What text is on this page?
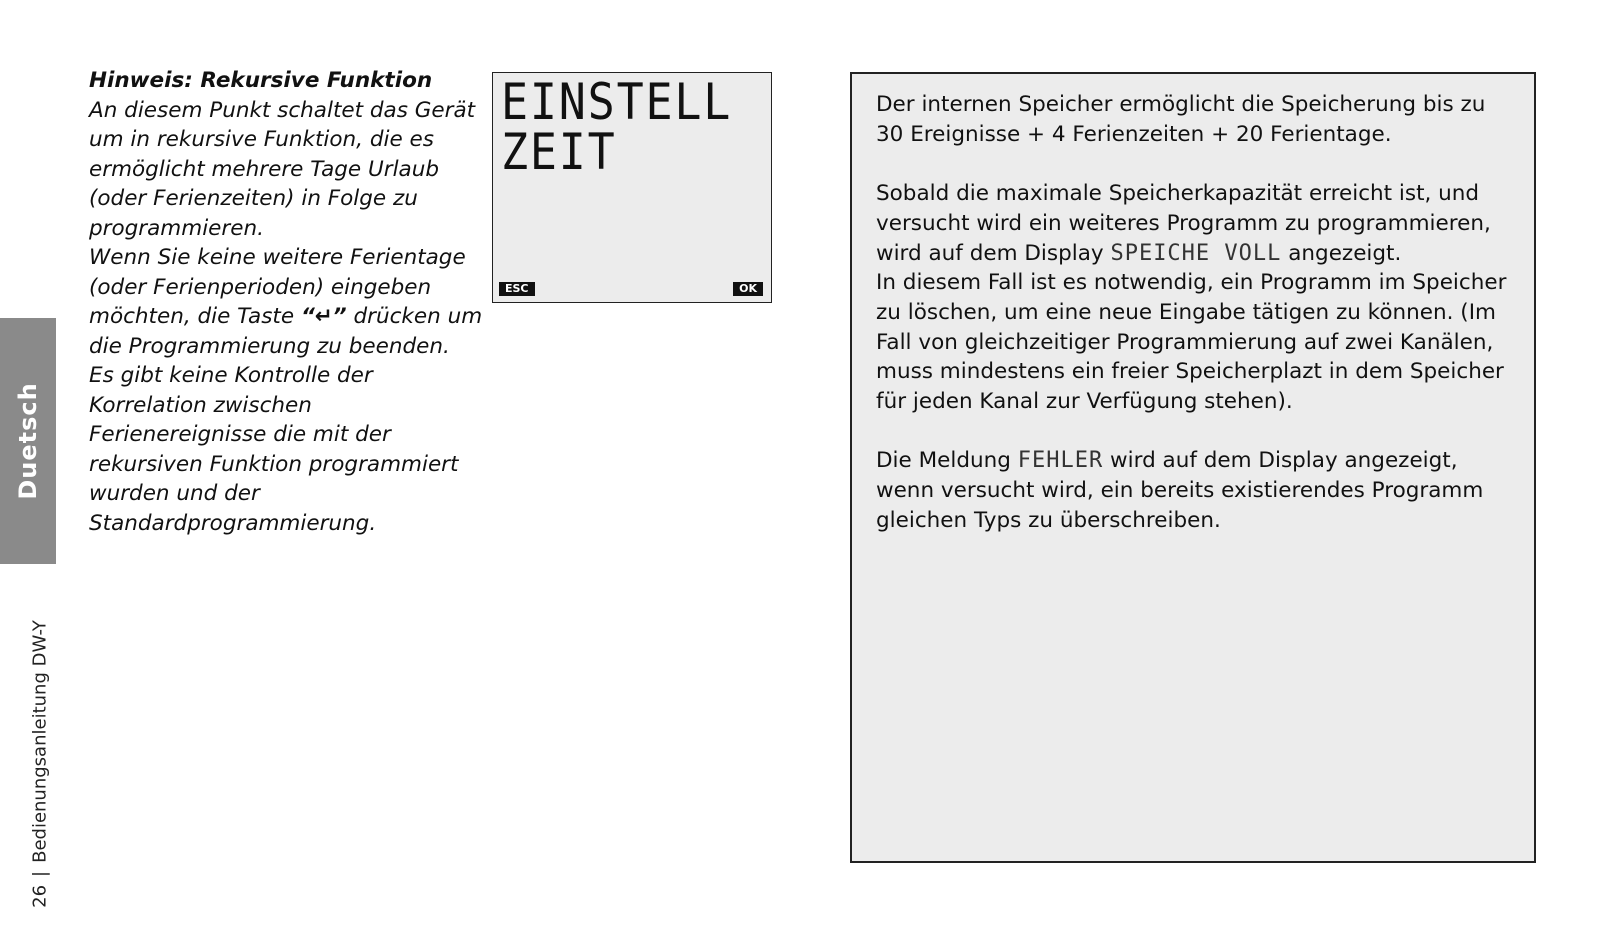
Duetsch
26|Bedienungsanleitung DW-Y

Hinweis: Rekursive Funktion

An diesem Punkt schaltet das Gerät um in rekursive Funktion, die es ermöglicht mehrere Tage Urlaub (oder Ferienzeiten) in Folge zu programmieren.

Wenn Sie keine weitere Ferientage (oder Ferienperioden) eingeben möchten, die Taste “↵” drücken um die Programmierung zu beenden.

Es gibt keine Kontrolle der Korrelation zwischen Ferienereignisse die mit der rekursiven Funktion programmiert wurden und der Standardprogrammierung.

EINSTELL
ZEIT
ESC	OK

Der internen Speicher ermöglicht die Speicherung bis zu 30 Ereignisse + 4 Ferienzeiten + 20 Ferientage.

Sobald die maximale Speicherkapazität erreicht ist, und versucht wird ein weiteres Programm zu programmieren, wird auf dem Display SPEICHE VOLL angezeigt.

In diesem Fall ist es notwendig, ein Programm im Speicher zu löschen, um eine neue Eingabe tätigen zu können. (Im Fall von gleichzeitiger Programmierung auf zwei Kanälen, muss mindestens ein freier Speicherplazt in dem Speicher für jeden Kanal zur Verfügung stehen).

Die Meldung FEHLER wird auf dem Display angezeigt, wenn versucht wird, ein bereits existierendes Programm gleichen Typs zu überschreiben.
